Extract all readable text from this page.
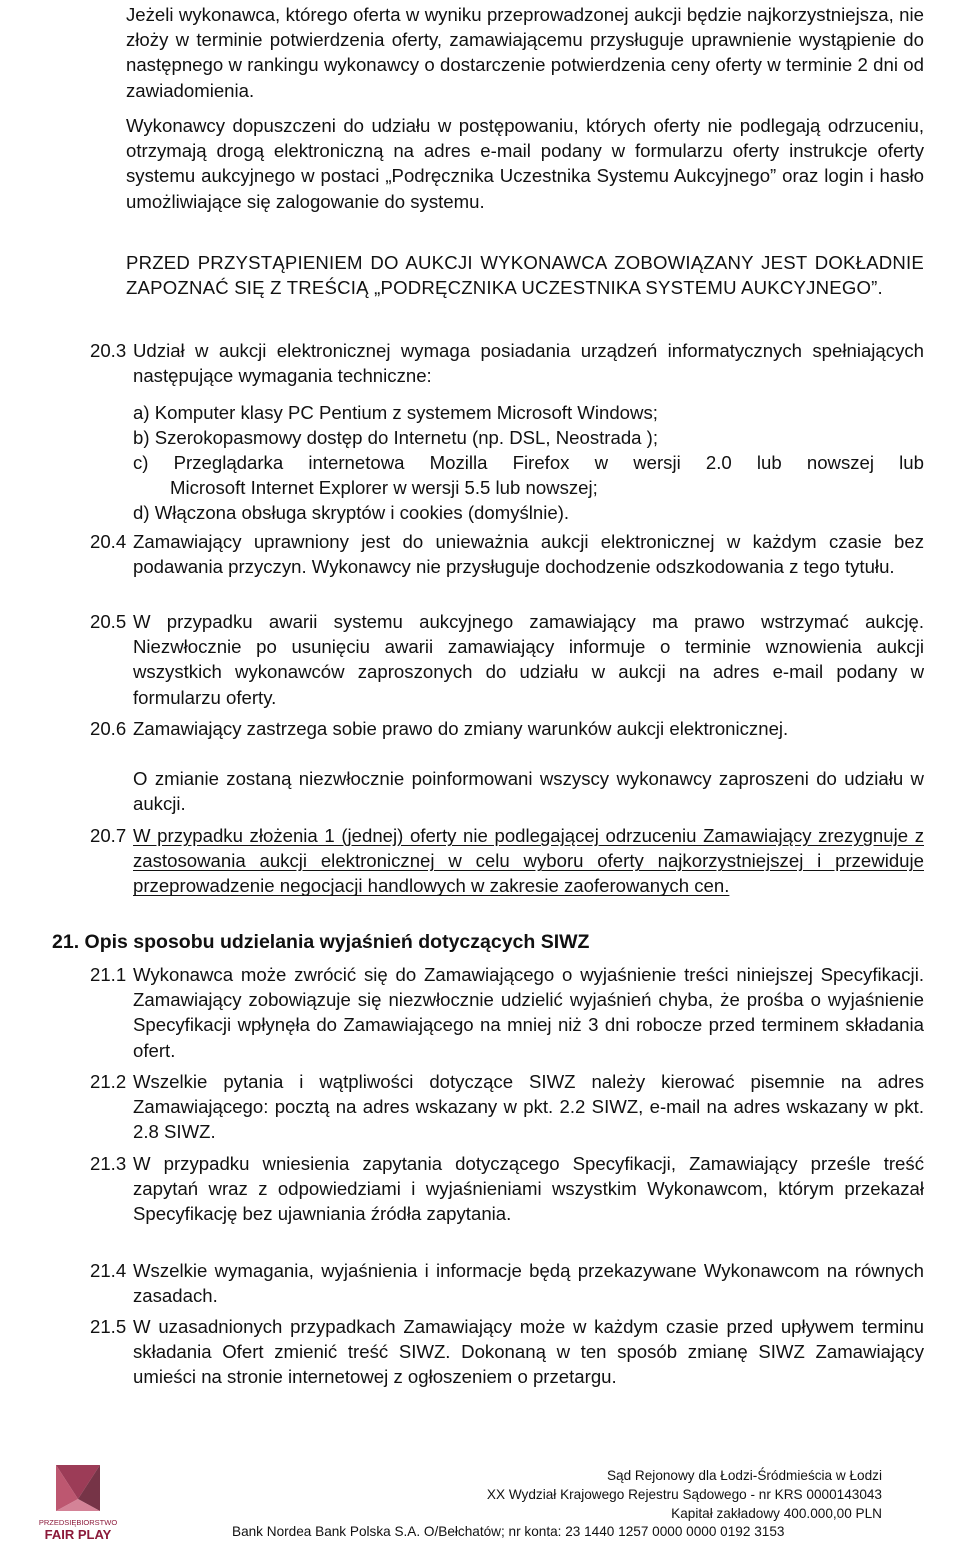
Jeżeli wykonawca, którego oferta w wyniku przeprowadzonej aukcji będzie najkorzystniejsza, nie złoży w terminie potwierdzenia oferty, zamawiającemu przysługuje uprawnienie wystąpienie do następnego w rankingu wykonawcy o dostarczenie potwierdzenia ceny oferty w terminie 2 dni od zawiadomienia.

Wykonawcy dopuszczeni do udziału w postępowaniu, których oferty nie podlegają odrzuceniu, otrzymają drogą elektroniczną na adres e-mail podany w formularzu oferty instrukcje oferty systemu aukcyjnego w postaci „Podręcznika Uczestnika Systemu Aukcyjnego” oraz login i hasło umożliwiające się zalogowanie do systemu.

PRZED PRZYSTĄPIENIEM DO AUKCJI WYKONAWCA ZOBOWIĄZANY JEST DOKŁADNIE ZAPOZNAĆ SIĘ Z TREŚCIĄ „PODRĘCZNIKA UCZESTNIKA SYSTEMU AUKCYJNEGO”.

20.3 Udział w aukcji elektronicznej wymaga posiadania urządzeń informatycznych spełniających następujące wymagania techniczne:

a) Komputer klasy PC Pentium z systemem Microsoft Windows;
b) Szerokopasmowy dostęp do Internetu (np. DSL, Neostrada );
c) Przeglądarka internetowa Mozilla Firefox w wersji 2.0 lub nowszej lub
Microsoft Internet Explorer w wersji 5.5 lub nowszej;
d) Włączona obsługa skryptów i cookies (domyślnie).
20.4 Zamawiający uprawniony jest do unieważnia aukcji elektronicznej w każdym czasie bez podawania przyczyn. Wykonawcy nie przysługuje dochodzenie odszkodowania z tego tytułu.

20.5 W przypadku awarii systemu aukcyjnego zamawiający ma prawo wstrzymać aukcję. Niezwłocznie po usunięciu awarii zamawiający informuje o terminie wznowienia aukcji wszystkich wykonawców zaproszonych do udziału w aukcji na adres e-mail podany w formularzu oferty.

20.6 Zamawiający zastrzega sobie prawo do zmiany warunków aukcji elektronicznej.

O zmianie zostaną niezwłocznie poinformowani wszyscy wykonawcy zaproszeni do udziału w aukcji.

20.7 W przypadku złożenia 1 (jednej) oferty nie podlegającej odrzuceniu Zamawiający zrezygnuje z zastosowania aukcji elektronicznej w celu wyboru oferty najkorzystniejszej i przewiduje przeprowadzenie negocjacji handlowych w zakresie zaoferowanych cen.

21. Opis sposobu udzielania wyjaśnień dotyczących SIWZ
21.1 Wykonawca może zwrócić się do Zamawiającego o wyjaśnienie treści niniejszej Specyfikacji. Zamawiający zobowiązuje się niezwłocznie udzielić wyjaśnień chyba, że prośba o wyjaśnienie Specyfikacji wpłynęła do Zamawiającego na mniej niż 3 dni robocze przed terminem składania ofert.

21.2 Wszelkie pytania i wątpliwości dotyczące SIWZ należy kierować pisemnie na adres Zamawiającego: pocztą na adres wskazany w pkt. 2.2 SIWZ, e-mail na adres wskazany w pkt. 2.8 SIWZ.

21.3 W przypadku wniesienia zapytania dotyczącego Specyfikacji, Zamawiający prześle treść zapytań wraz z odpowiedziami i wyjaśnieniami wszystkim Wykonawcom, którym przekazał Specyfikację bez ujawniania źródła zapytania.

21.4 Wszelkie wymagania, wyjaśnienia i informacje będą przekazywane Wykonawcom na równych zasadach.

21.5 W uzasadnionych przypadkach Zamawiający może w każdym czasie przed upływem terminu składania Ofert zmienić treść SIWZ. Dokonaną w ten sposób zmianę SIWZ Zamawiający umieści na stronie internetowej z ogłoszeniem o przetargu.

PRZEDSIĘBIORSTWO
FAIR PLAY
Sąd Rejonowy dla Łodzi-Śródmieścia w Łodzi
XX Wydział Krajowego Rejestru Sądowego - nr KRS 0000143043
Kapitał zakładowy 400.000,00 PLN
Bank Nordea Bank Polska S.A. O/Bełchatów; nr konta: 23 1440 1257 0000 0000 0192 3153
